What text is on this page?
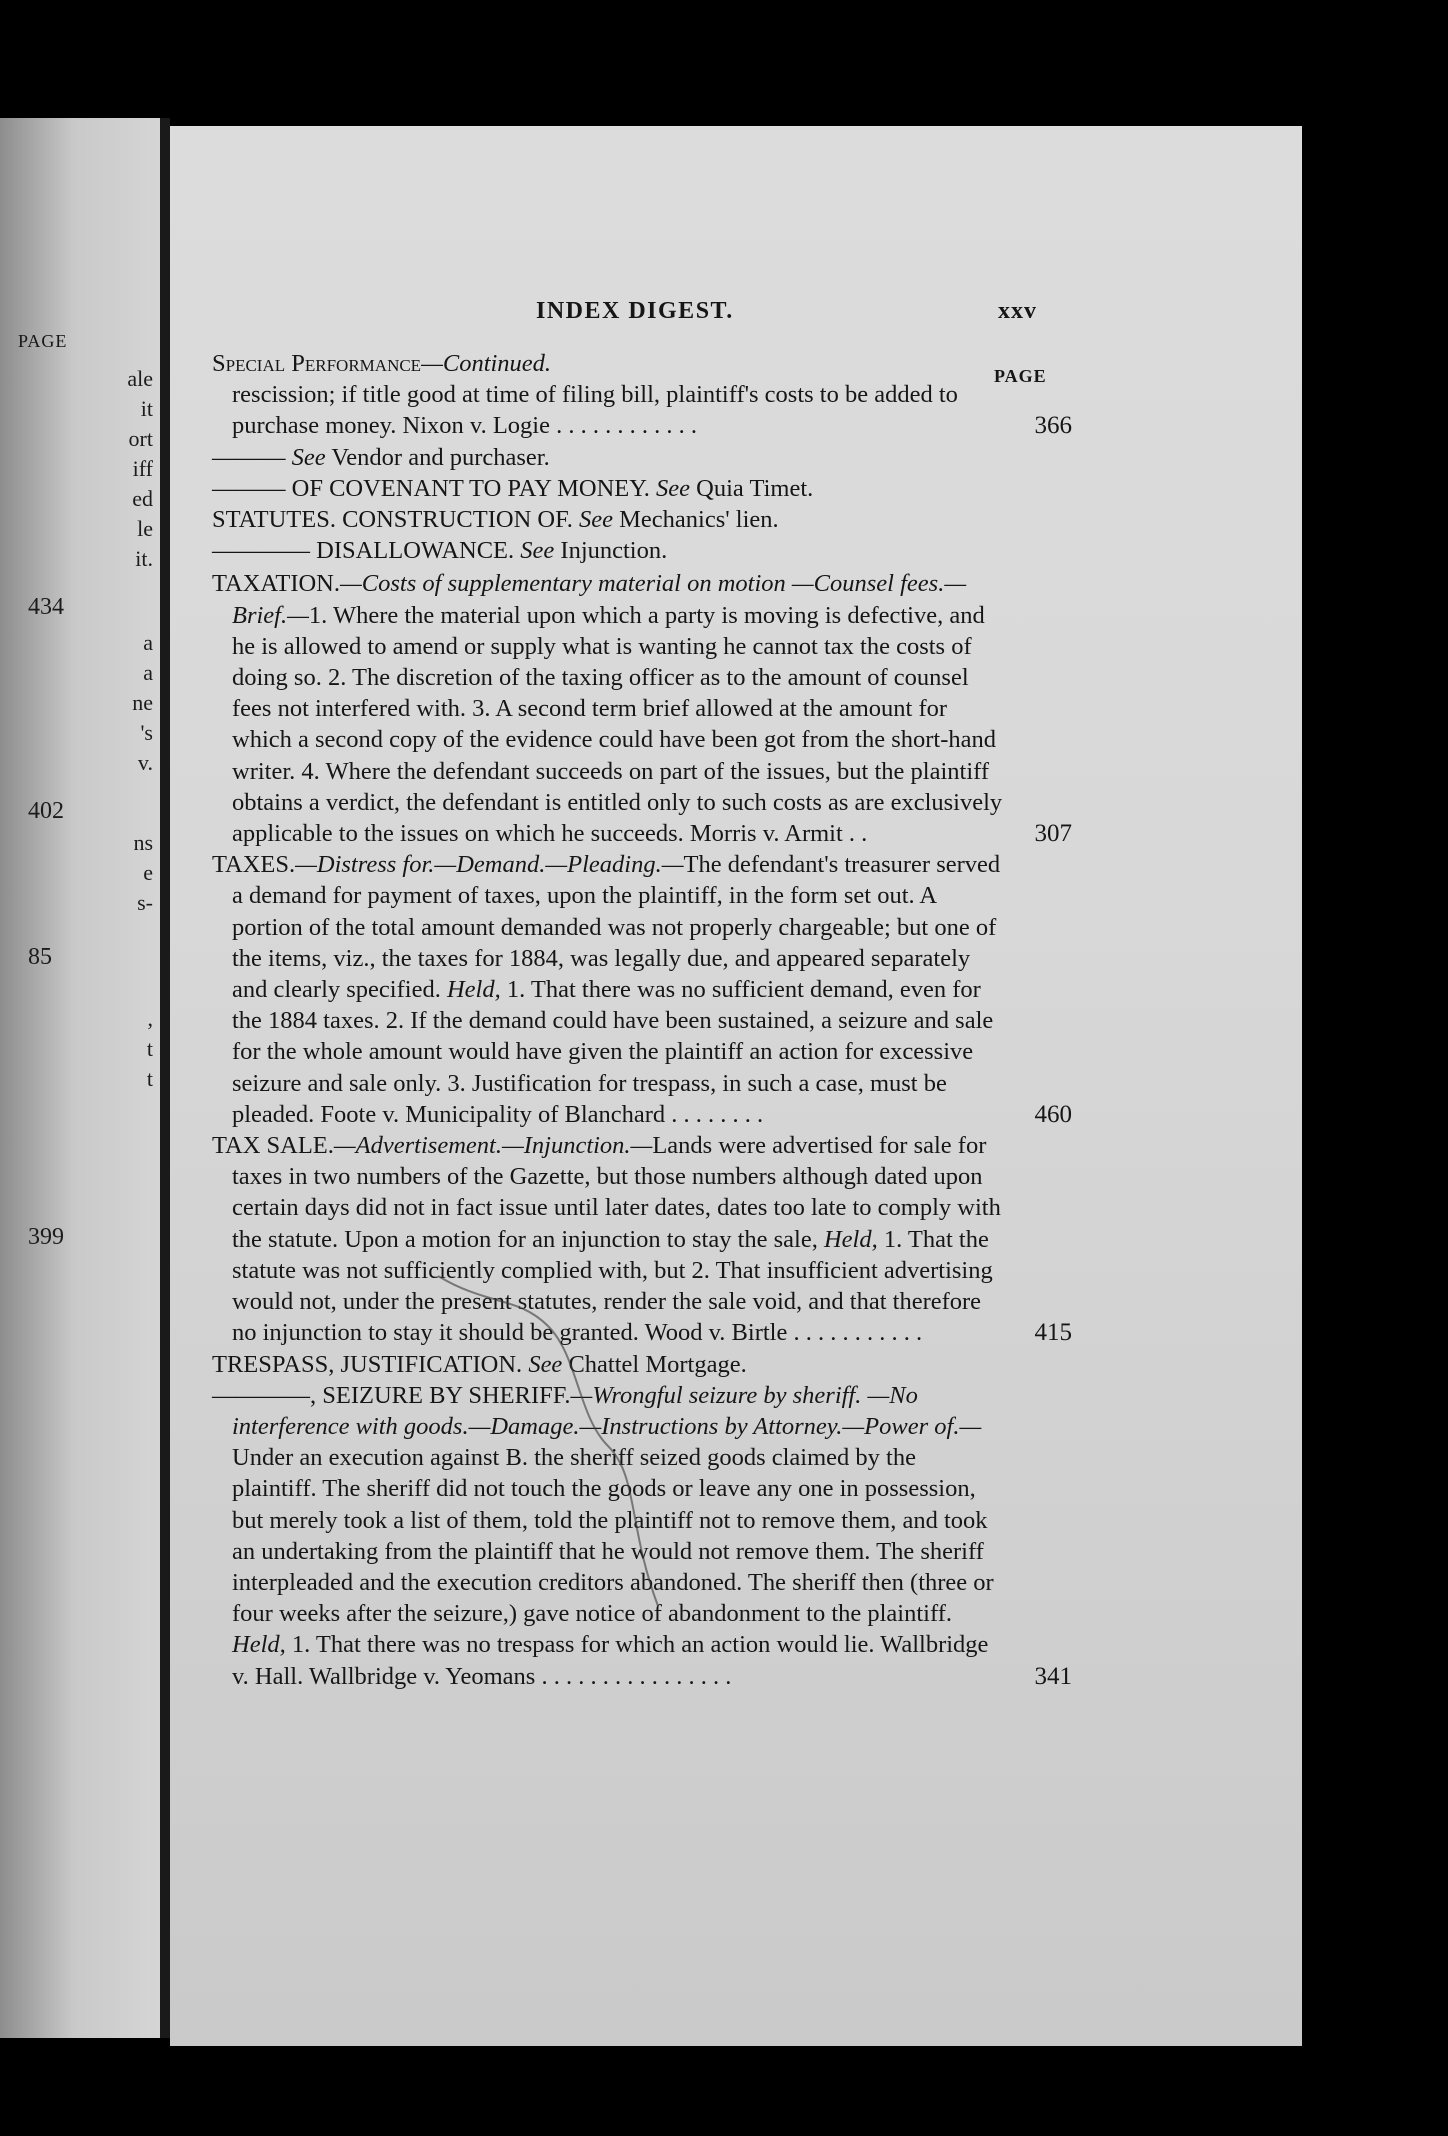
PAGE
ale
it
ort
iff
ed
le
it.
434
a
a
ne
's
v.
402
ns
e
s-
85
,
t
t
399
INDEX DIGEST.	xxv
PAGE

Special Performance—Continued.
rescission; if title good at time of filing bill, plaintiff's costs to be added to purchase money. Nixon v. Logie . . . . . . . . . . . .	366

——— See Vendor and purchaser.

——— OF COVENANT TO PAY MONEY. See Quia Timet.

STATUTES. CONSTRUCTION OF. See Mechanics' lien.

———— DISALLOWANCE. See Injunction.

TAXATION.—Costs of supplementary material on motion —Counsel fees.—Brief.—1. Where the material upon which a party is moving is defective, and he is allowed to amend or supply what is wanting he cannot tax the costs of doing so. 2. The discretion of the taxing officer as to the amount of counsel fees not interfered with. 3. A second term brief allowed at the amount for which a second copy of the evidence could have been got from the short-hand writer. 4. Where the defendant succeeds on part of the issues, but the plaintiff obtains a verdict, the defendant is entitled only to such costs as are exclusively applicable to the issues on which he succeeds. Morris v. Armit . .	307

TAXES.—Distress for.—Demand.—Pleading.—The defendant's treasurer served a demand for payment of taxes, upon the plaintiff, in the form set out. A portion of the total amount demanded was not properly chargeable; but one of the items, viz., the taxes for 1884, was legally due, and appeared separately and clearly specified. Held, 1. That there was no sufficient demand, even for the 1884 taxes. 2. If the demand could have been sustained, a seizure and sale for the whole amount would have given the plaintiff an action for excessive seizure and sale only. 3. Justification for trespass, in such a case, must be pleaded. Foote v. Municipality of Blanchard . . . . . . . .	460

TAX SALE.—Advertisement.—Injunction.—Lands were advertised for sale for taxes in two numbers of the Gazette, but those numbers although dated upon certain days did not in fact issue until later dates, dates too late to comply with the statute. Upon a motion for an injunction to stay the sale, Held, 1. That the statute was not sufficiently complied with, but 2. That insufficient advertising would not, under the present statutes, render the sale void, and that therefore no injunction to stay it should be granted. Wood v. Birtle . . . . . . . . . . .	415

TRESPASS, JUSTIFICATION. See Chattel Mortgage.

————, SEIZURE BY SHERIFF.—Wrongful seizure by sheriff. —No interference with goods.—Damage.—Instructions by Attorney.—Power of.—Under an execution against B. the sheriff seized goods claimed by the plaintiff. The sheriff did not touch the goods or leave any one in possession, but merely took a list of them, told the plaintiff not to remove them, and took an undertaking from the plaintiff that he would not remove them. The sheriff interpleaded and the execution creditors abandoned. The sheriff then (three or four weeks after the seizure,) gave notice of abandonment to the plaintiff. Held, 1. That there was no trespass for which an action would lie. Wallbridge v. Hall. Wallbridge v. Yeomans . . . . . . . . . . . . . . . .	341
